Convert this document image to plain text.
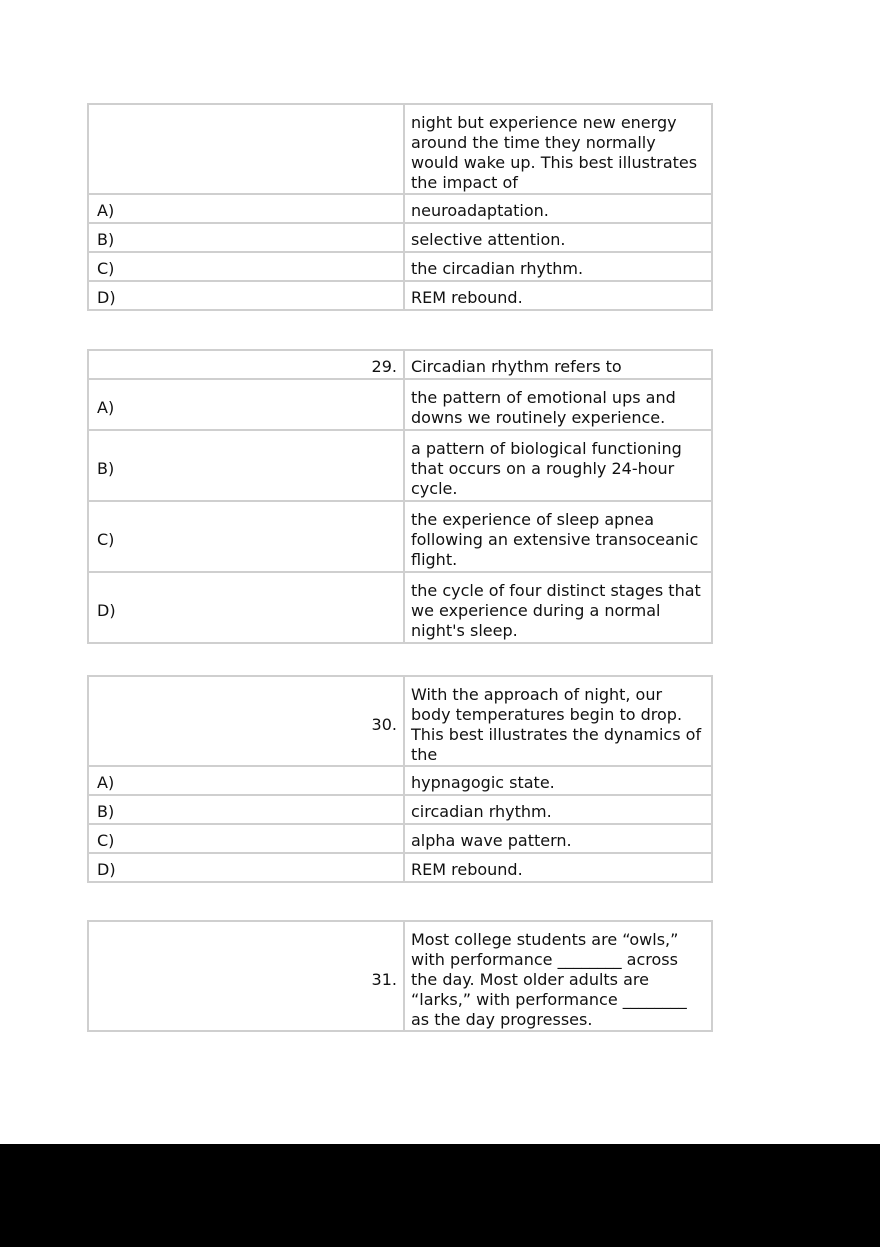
	night but experience new energy around the time they normally would wake up. This best illustrates the impact of
A)	neuroadaptation.
B)	selective attention.
C)	the circadian rhythm.
D)	REM rebound.
29.	Circadian rhythm refers to
A)	the pattern of emotional ups and downs we routinely experience.
B)	a pattern of biological functioning that occurs on a roughly 24-hour cycle.
C)	the experience of sleep apnea following an extensive transoceanic flight.
D)	the cycle of four distinct stages that we experience during a normal night's sleep.
30.	With the approach of night, our body temperatures begin to drop. This best illustrates the dynamics of the
A)	hypnagogic state.
B)	circadian rhythm.
C)	alpha wave pattern.
D)	REM rebound.
31.	Most college students are “owls,” with performance ________ across the day. Most older adults are “larks,” with performance ________ as the day progresses.
